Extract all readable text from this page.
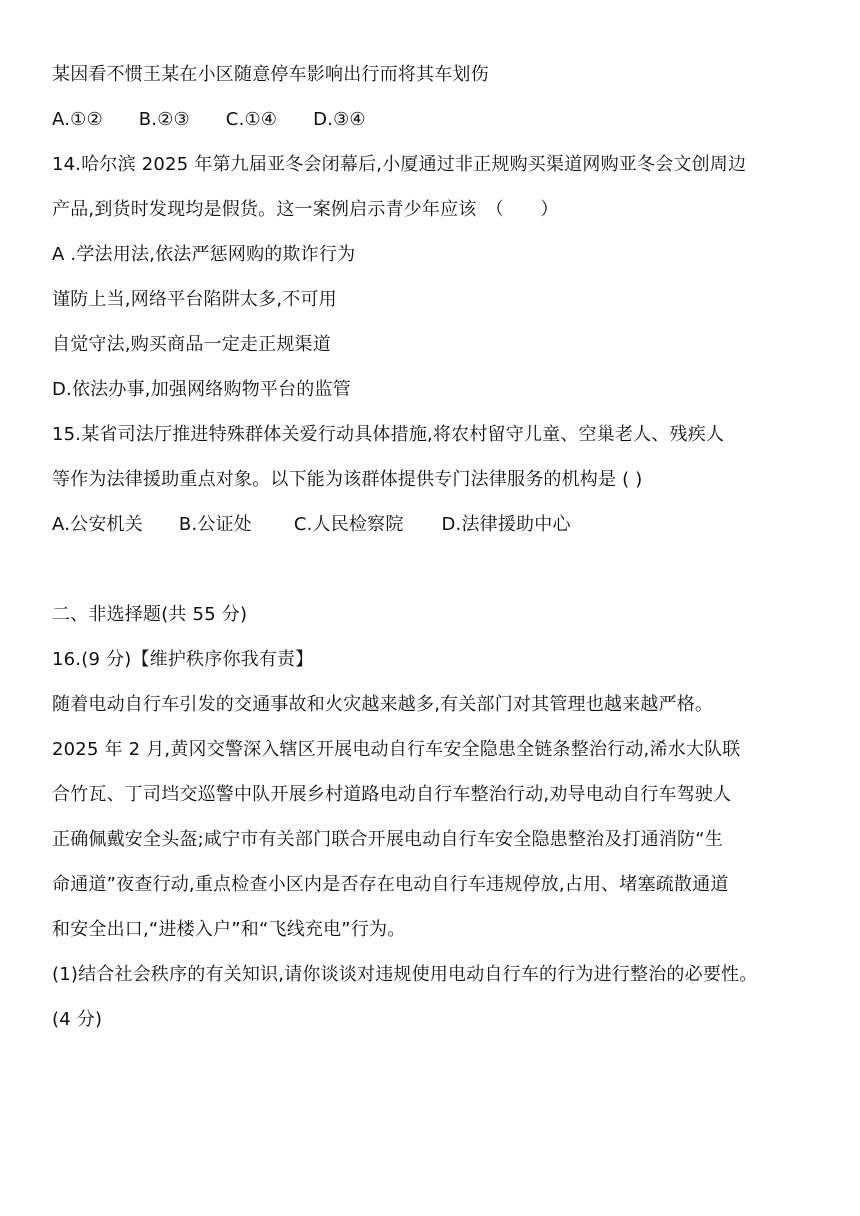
某因看不惯王某在小区随意停车影响出行而将其车划伤
A.①② B.②③ C.①④ D.③④
14.哈尔滨 2025 年第九届亚冬会闭幕后,小厦通过非正规购买渠道网购亚冬会文创周边
产品,到货时发现均是假货。这一案例启示青少年应该　（　　）
A .学法用法,依法严惩网购的欺诈行为
谨防上当,网络平台陷阱太多,不可用
自觉守法,购买商品一定走正规渠道
D.依法办事,加强网络购物平台的监管
15.某省司法厅推进特殊群体关爱行动具体措施,将农村留守儿童、空巢老人、残疾人
等作为法律援助重点对象。以下能为该群体提供专门法律服务的机构是 ( )
A.公安机关 B.公证处 C.人民检察院 D.法律援助中心
二、非选择题(共 55 分)
16.(9 分)【维护秩序你我有责】
随着电动自行车引发的交通事故和火灾越来越多,有关部门对其管理也越来越严格。
2025 年 2 月,黄冈交警深入辖区开展电动自行车安全隐患全链条整治行动,浠水大队联
合竹瓦、丁司垱交巡警中队开展乡村道路电动自行车整治行动,劝导电动自行车驾驶人
正确佩戴安全头盔;咸宁市有关部门联合开展电动自行车安全隐患整治及打通消防“生
命通道”夜查行动,重点检查小区内是否存在电动自行车违规停放,占用、堵塞疏散通道
和安全出口,“进楼入户”和“飞线充电”行为。
(1)结合社会秩序的有关知识,请你谈谈对违规使用电动自行车的行为进行整治的必要性。
(4 分)
